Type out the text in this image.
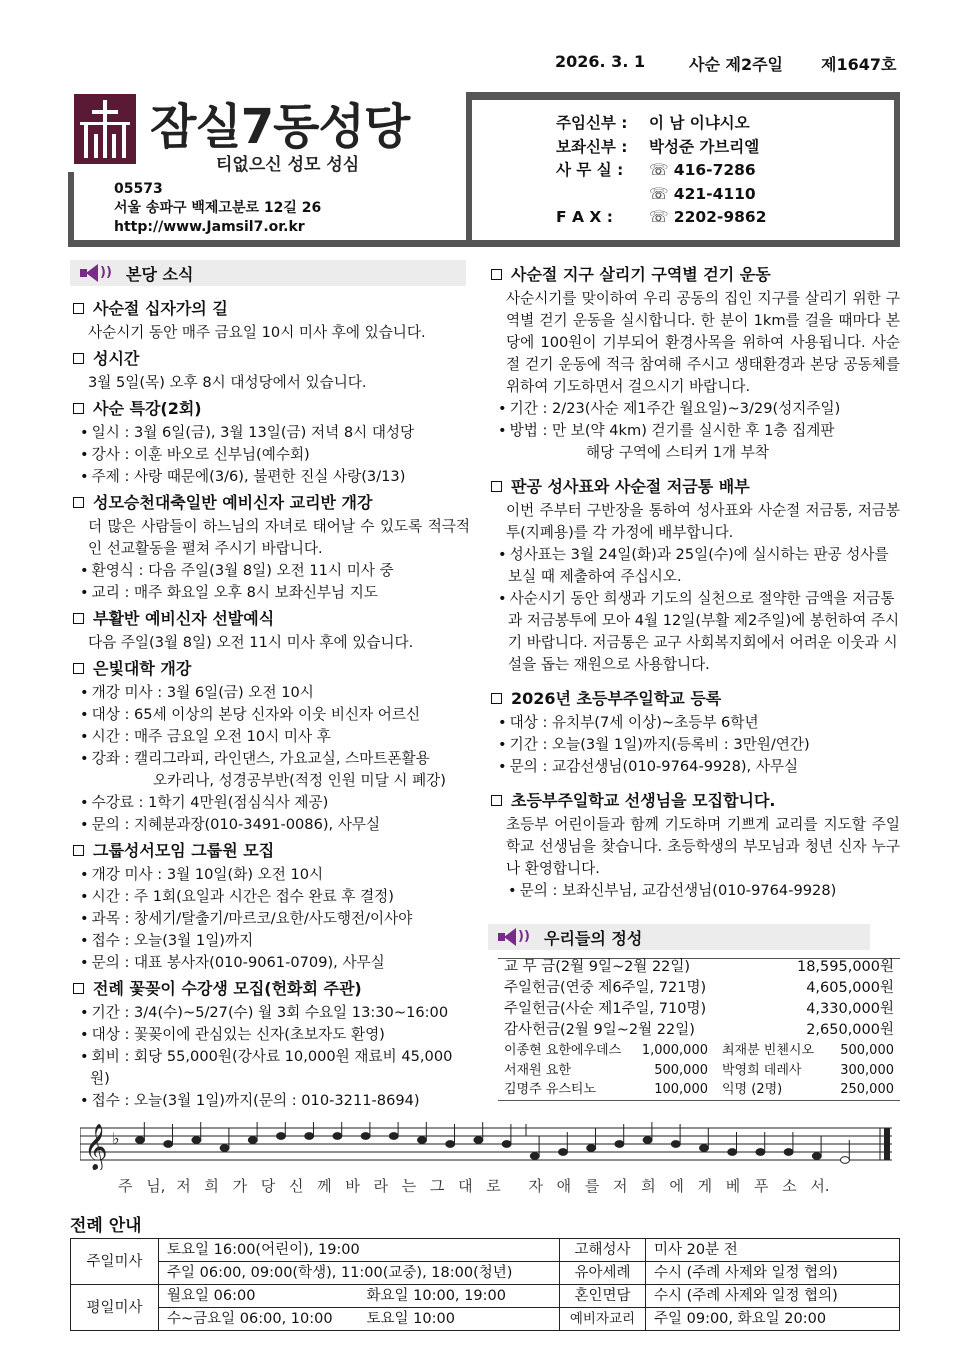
2026. 3. 1	사순 제2주일	제1647호
잠실7동성당
티없으신 성모 성심
05573
서울 송파구 백제고분로 12길 26
http://www.Jamsil7.or.kr
주임신부 :	이 남 이냐시오
보좌신부 :	박성준 가브리엘
사 무 실 :	☏ 416-7286
☏ 421-4110
F A X :	☏ 2202-9862
)) 본당 소식
사순절 십자가의 길
사순시기 동안 매주 금요일 10시 미사 후에 있습니다.
성시간
3월 5일(목) 오후 8시 대성당에서 있습니다.
사순 특강(2회)
• 일시 : 3월 6일(금), 3월 13일(금) 저녁 8시 대성당
• 강사 : 이훈 바오로 신부님(예수회)
• 주제 : 사랑 때문에(3/6), 불편한 진실 사랑(3/13)
성모승천대축일반 예비신자 교리반 개강
더 많은 사람들이 하느님의 자녀로 태어날 수 있도록 적극적인 선교활동을 펼쳐 주시기 바랍니다.
• 환영식 : 다음 주일(3월 8일) 오전 11시 미사 중
• 교리 : 매주 화요일 오후 8시 보좌신부님 지도
부활반 예비신자 선발예식
다음 주일(3월 8일) 오전 11시 미사 후에 있습니다.
은빛대학 개강
• 개강 미사 : 3월 6일(금) 오전 10시
• 대상 : 65세 이상의 본당 신자와 이웃 비신자 어르신
• 시간 : 매주 금요일 오전 10시 미사 후
• 강좌 : 캘리그라피, 라인댄스, 가요교실, 스마트폰활용
오카리나, 성경공부반(적정 인원 미달 시 폐강)
• 수강료 : 1학기 4만원(점심식사 제공)
• 문의 : 지혜분과장(010-3491-0086), 사무실
그룹성서모임 그룹원 모집
• 개강 미사 : 3월 10일(화) 오전 10시
• 시간 : 주 1회(요일과 시간은 접수 완료 후 결정)
• 과목 : 창세기/탈출기/마르코/요한/사도행전/이사야
• 접수 : 오늘(3월 1일)까지
• 문의 : 대표 봉사자(010-9061-0709), 사무실
전례 꽃꽂이 수강생 모집(헌화회 주관)
• 기간 : 3/4(수)~5/27(수) 월 3회 수요일 13:30~16:00
• 대상 : 꽃꽂이에 관심있는 신자(초보자도 환영)
• 회비 : 회당 55,000원(강사료 10,000원 재료비 45,000원)
• 접수 : 오늘(3월 1일)까지(문의 : 010-3211-8694)
사순절 지구 살리기 구역별 걷기 운동
사순시기를 맞이하여 우리 공동의 집인 지구를 살리기 위한 구역별 걷기 운동을 실시합니다. 한 분이 1km를 걸을 때마다 본당에 100원이 기부되어 환경사목을 위하여 사용됩니다. 사순절 걷기 운동에 적극 참여해 주시고 생태환경과 본당 공동체를 위하여 기도하면서 걸으시기 바랍니다.
• 기간 : 2/23(사순 제1주간 월요일)~3/29(성지주일)
• 방법 : 만 보(약 4km) 걷기를 실시한 후 1층 집계판
해당 구역에 스티커 1개 부착
판공 성사표와 사순절 저금통 배부
이번 주부터 구반장을 통하여 성사표와 사순절 저금통, 저금봉투(지폐용)를 각 가정에 배부합니다.
• 성사표는 3월 24일(화)과 25일(수)에 실시하는 판공 성사를 보실 때 제출하여 주십시오.
• 사순시기 동안 희생과 기도의 실천으로 절약한 금액을 저금통과 저금봉투에 모아 4월 12일(부활 제2주일)에 봉헌하여 주시기 바랍니다. 저금통은 교구 사회복지회에서 어려운 이웃과 시설을 돕는 재원으로 사용합니다.
2026년 초등부주일학교 등록
• 대상 : 유치부(7세 이상)~초등부 6학년
• 기간 : 오늘(3월 1일)까지(등록비 : 3만원/연간)
• 문의 : 교감선생님(010-9764-9928), 사무실
초등부주일학교 선생님을 모집합니다.
초등부 어린이들과 함께 기도하며 기쁘게 교리를 지도할 주일학교 선생님을 찾습니다. 초등학생의 부모님과 청년 신자 누구나 환영합니다.
• 문의 : 보좌신부님, 교감선생님(010-9764-9928)
)) 우리들의 정성
교 무 금(2월 9일~2월 22일)	18,595,000원
주일헌금(연중 제6주일, 721명)	4,605,000원
주일헌금(사순 제1주일, 710명)	4,330,000원
감사헌금(2월 9일~2월 22일)	2,650,000원
이종현 요한에우데스	1,000,000 최재분 빈첸시오	500,000
서재원 요한	500,000 박영희 데레사	300,000
김명주 유스티노	100,000 익명 (2명)	250,000
𝄞 ♭
주 님, 저 희 가 당 신 께 바 라 는 그 대 로	자 애 를 저 희 에 게 베 푸 소 서.
전례 안내
주일미사	토요일 16:00(어린이), 19:00		고해성사	미사 20분 전
	주일 06:00, 09:00(학생), 11:00(교중), 18:00(청년)		유아세례	수시 (주례 사제와 일정 협의)
평일미사	월요일 06:00	화요일 10:00, 19:00	혼인면담	수시 (주례 사제와 일정 협의)
	수~금요일 06:00, 10:00	토요일 10:00	예비자교리	주일 09:00, 화요일 20:00
